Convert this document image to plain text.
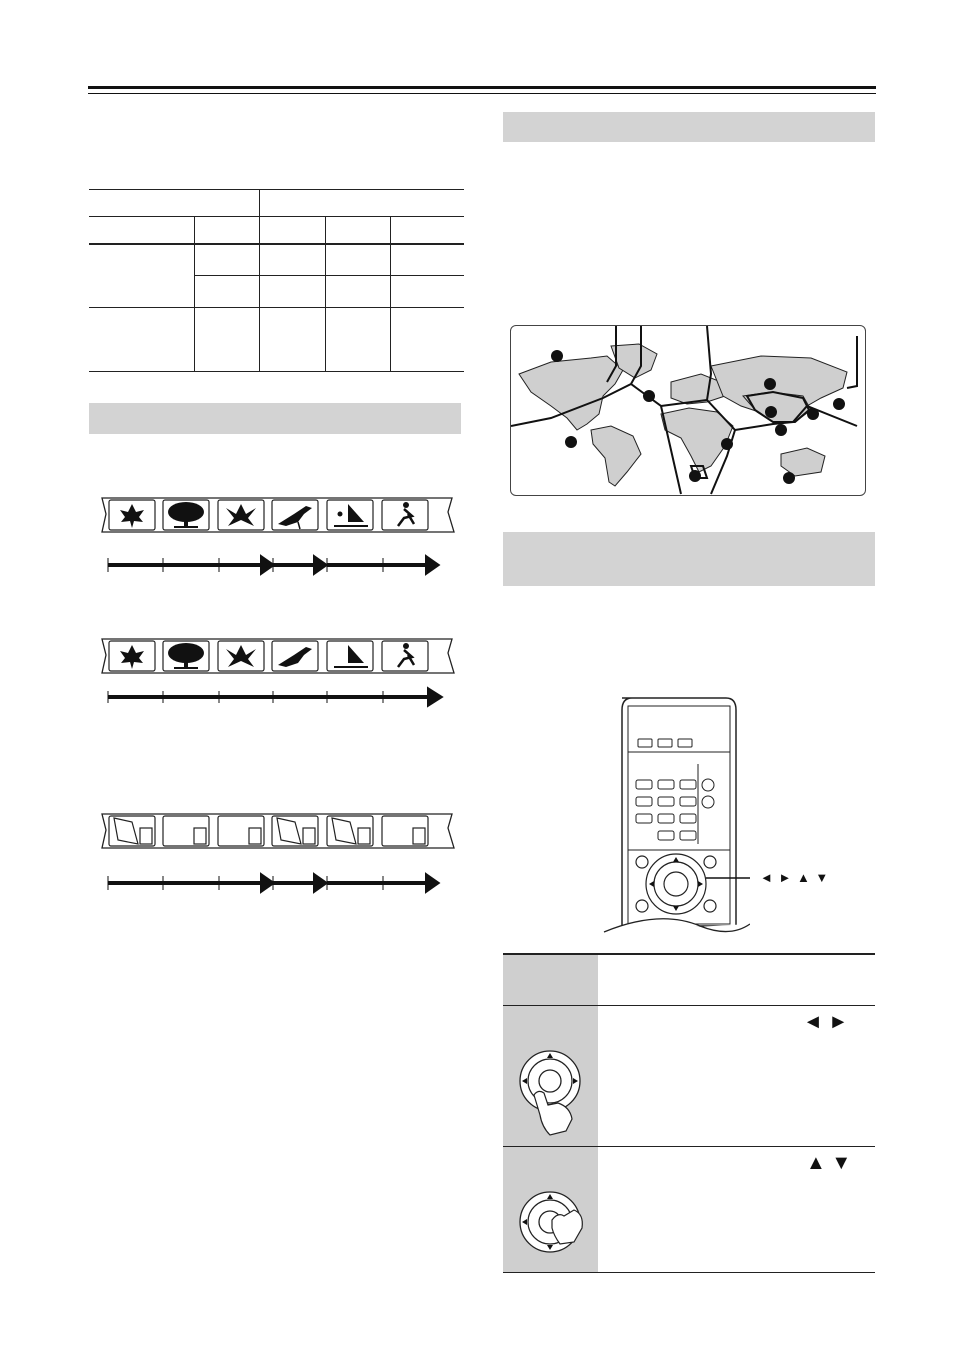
◄ ► ▲ ▼
◄ ►
▲ ▼
